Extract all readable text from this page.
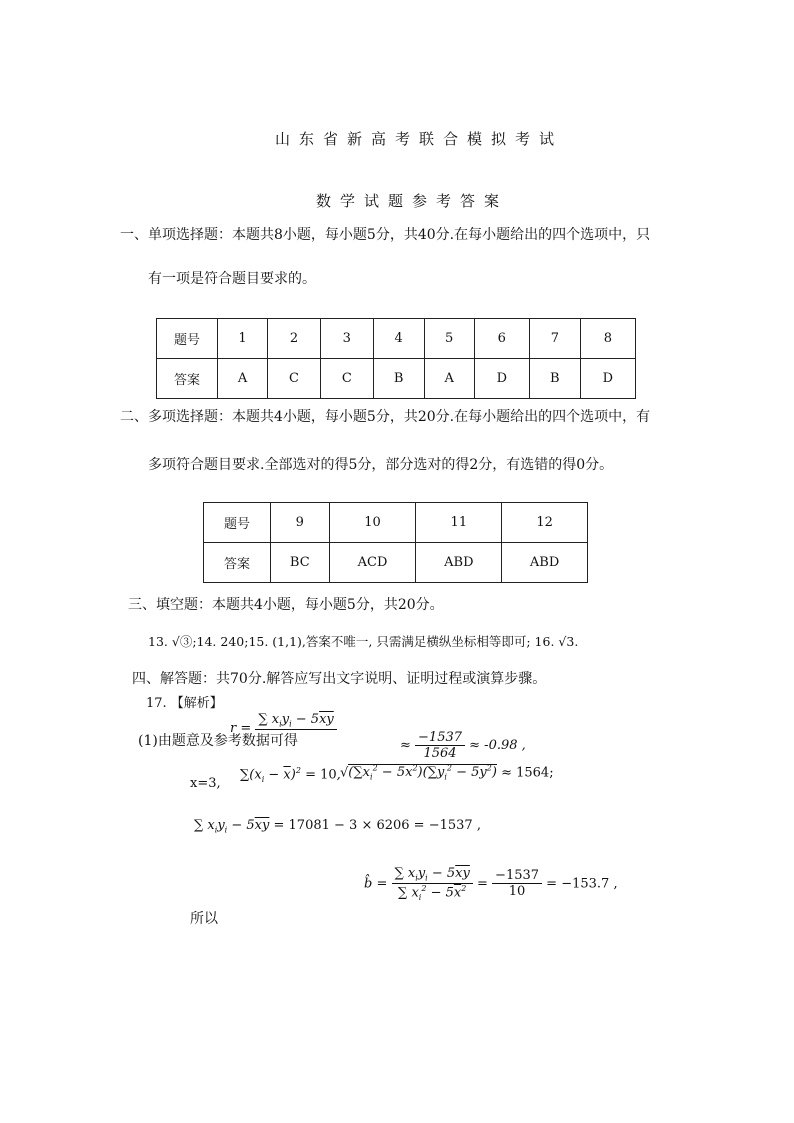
山东省新高考联合模拟考试
数学试题参考答案
一、单项选择题：本题共8小题，每小题5分，共40分.在每小题给出的四个选项中，只
有一项是符合题目要求的。
题号	1	2	3	4	5	6	7	8
答案	A	C	C	B	A	D	B	D
二、多项选择题：本题共4小题，每小题5分，共20分.在每小题给出的四个选项中，有
多项符合题目要求.全部选对的得5分，部分选对的得2分，有选错的得0分。
题号	9	10	11	12
答案	BC	ACD	ABD	ABD
三、填空题：本题共4小题，每小题5分，共20分。
13. √③;14. 240;15. (1,1),答案不唯一, 只需满足横纵坐标相等即可; 16. √3.
四、解答题：共70分.解答应写出文字说明、证明过程或演算步骤。
17. 【解析】
(1)由题意及参考数据可得
r =
∑ $x_iy_i - 5\overline{xy}$

≈ $\frac{-1537}{1564} \approx -0.98$ ,
x=3,
$\sum(x_i - \overline{x})^2 = 10$, $√(\sum x_i^2 - 5\overline{x}^2)(\sum y_i^2 - 5\overline{y}^2) \approx 1564$;
∑ $x_iy_i - 5\overline{xy} = 17081 - 3 \times 6206 = -1537$ ,
所以
b̂ = $\frac{\sum x_iy_i - 5\overline{xy}}{\sum x_i^2 - 5\overline{x}^2} = \frac{-1537}{10} = -153.7$ ,
